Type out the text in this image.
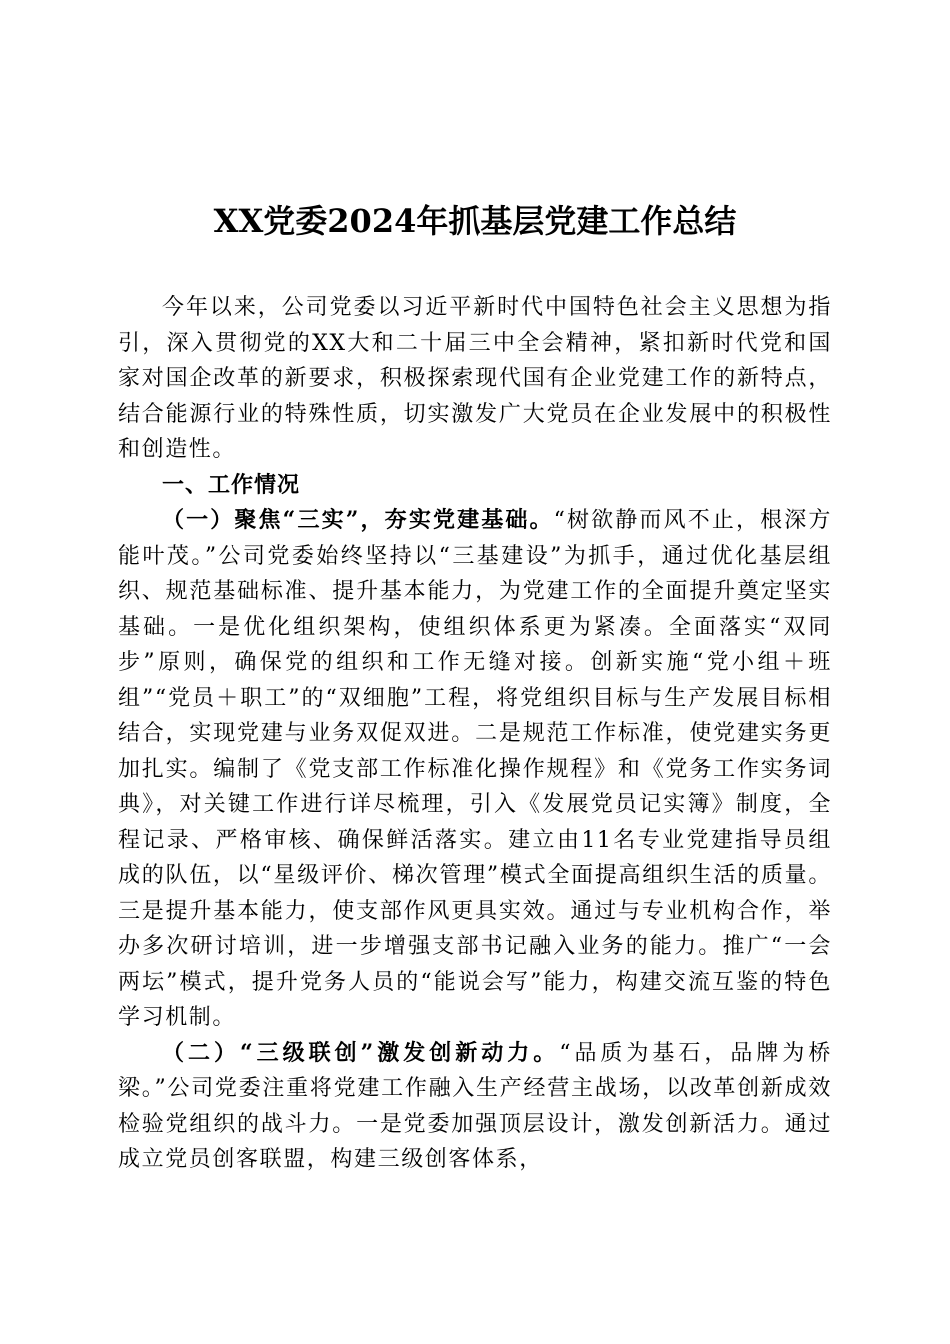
XX党委2024年抓基层党建工作总结

今年以来，公司党委以习近平新时代中国特色社会主义思想为指引，深入贯彻党的XX大和二十届三中全会精神，紧扣新时代党和国家对国企改革的新要求，积极探索现代国有企业党建工作的新特点，结合能源行业的特殊性质，切实激发广大党员在企业发展中的积极性和创造性。

一、工作情况

（一）聚焦“三实”，夯实党建基础。“树欲静而风不止，根深方能叶茂。”公司党委始终坚持以“三基建设”为抓手，通过优化基层组织、规范基础标准、提升基本能力，为党建工作的全面提升奠定坚实基础。一是优化组织架构，使组织体系更为紧凑。全面落实“双同步”原则，确保党的组织和工作无缝对接。创新实施“党小组＋班组”“党员＋职工”的“双细胞”工程，将党组织目标与生产发展目标相结合，实现党建与业务双促双进。二是规范工作标准，使党建实务更加扎实。编制了《党支部工作标准化操作规程》和《党务工作实务词典》，对关键工作进行详尽梳理，引入《发展党员记实簿》制度，全程记录、严格审核、确保鲜活落实。建立由11名专业党建指导员组成的队伍，以“星级评价、梯次管理”模式全面提高组织生活的质量。三是提升基本能力，使支部作风更具实效。通过与专业机构合作，举办多次研讨培训，进一步增强支部书记融入业务的能力。推广“一会两坛”模式，提升党务人员的“能说会写”能力，构建交流互鉴的特色学习机制。

（二）“三级联创”激发创新动力。“品质为基石，品牌为桥梁。”公司党委注重将党建工作融入生产经营主战场，以改革创新成效检验党组织的战斗力。一是党委加强顶层设计，激发创新活力。通过成立党员创客联盟，构建三级创客体系，
